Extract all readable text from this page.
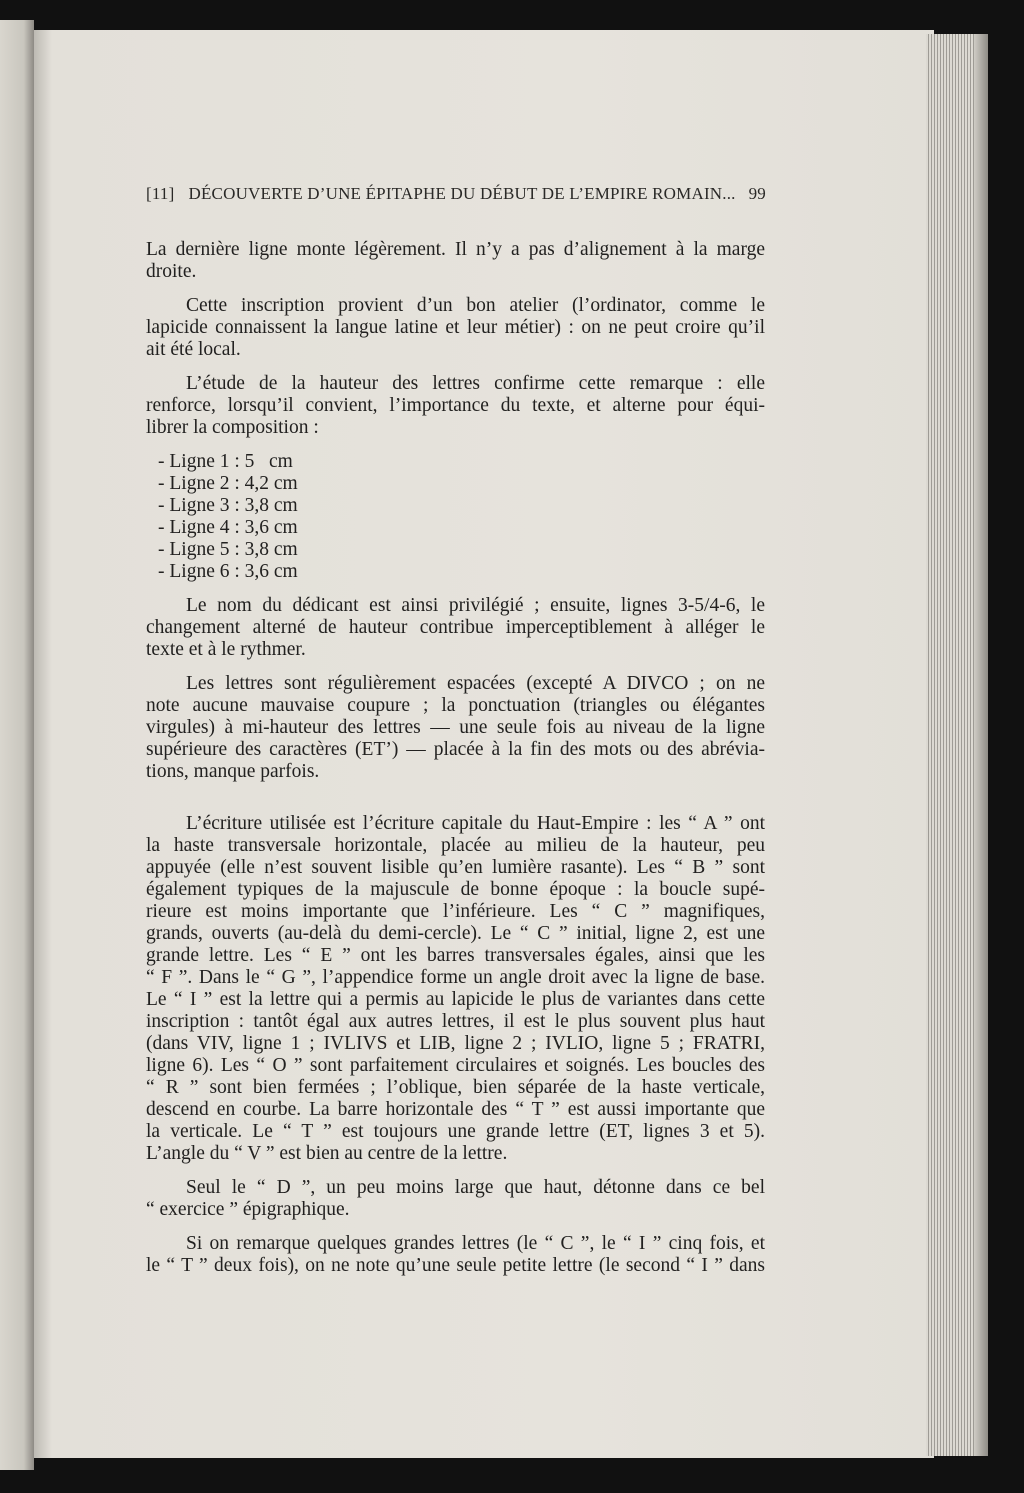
[11] DÉCOUVERTE D’UNE ÉPITAPHE DU DÉBUT DE L’EMPIRE ROMAIN... 99
La dernière ligne monte légèrement. Il n’y a pas d’alignement à la marge
droite.
Cette inscription provient d’un bon atelier (l’ordinator, comme le
lapicide connaissent la langue latine et leur métier) : on ne peut croire qu’il
ait été local.
L’étude de la hauteur des lettres confirme cette remarque : elle
renforce, lorsqu’il convient, l’importance du texte, et alterne pour équi-
librer la composition :
- Ligne 1 : 5   cm
- Ligne 2 : 4,2 cm
- Ligne 3 : 3,8 cm
- Ligne 4 : 3,6 cm
- Ligne 5 : 3,8 cm
- Ligne 6 : 3,6 cm
Le nom du dédicant est ainsi privilégié ; ensuite, lignes 3-5/4-6, le
changement alterné de hauteur contribue imperceptiblement à alléger le
texte et à le rythmer.
Les lettres sont régulièrement espacées (excepté A DIVCO ; on ne
note aucune mauvaise coupure ; la ponctuation (triangles ou élégantes
virgules) à mi-hauteur des lettres — une seule fois au niveau de la ligne
supérieure des caractères (ET’) — placée à la fin des mots ou des abrévia-
tions, manque parfois.
L’écriture utilisée est l’écriture capitale du Haut-Empire : les “ A ” ont
la haste transversale horizontale, placée au milieu de la hauteur, peu
appuyée (elle n’est souvent lisible qu’en lumière rasante). Les “ B ” sont
également typiques de la majuscule de bonne époque : la boucle supé-
rieure est moins importante que l’inférieure. Les “ C ” magnifiques,
grands, ouverts (au-delà du demi-cercle). Le “ C ” initial, ligne 2, est une
grande lettre. Les “ E ” ont les barres transversales égales, ainsi que les
“ F ”. Dans le “ G ”, l’appendice forme un angle droit avec la ligne de base.
Le “ I ” est la lettre qui a permis au lapicide le plus de variantes dans cette
inscription : tantôt égal aux autres lettres, il est le plus souvent plus haut
(dans VIV, ligne 1 ; IVLIVS et LIB, ligne 2 ; IVLIO, ligne 5 ; FRATRI,
ligne 6). Les “ O ” sont parfaitement circulaires et soignés. Les boucles des
“ R ” sont bien fermées ; l’oblique, bien séparée de la haste verticale,
descend en courbe. La barre horizontale des “ T ” est aussi importante que
la verticale. Le “ T ” est toujours une grande lettre (ET, lignes 3 et 5).
L’angle du “ V ” est bien au centre de la lettre.
Seul le “ D ”, un peu moins large que haut, détonne dans ce bel
“ exercice ” épigraphique.
Si on remarque quelques grandes lettres (le “ C ”, le “ I ” cinq fois, et
le “ T ” deux fois), on ne note qu’une seule petite lettre (le second “ I ” dans
